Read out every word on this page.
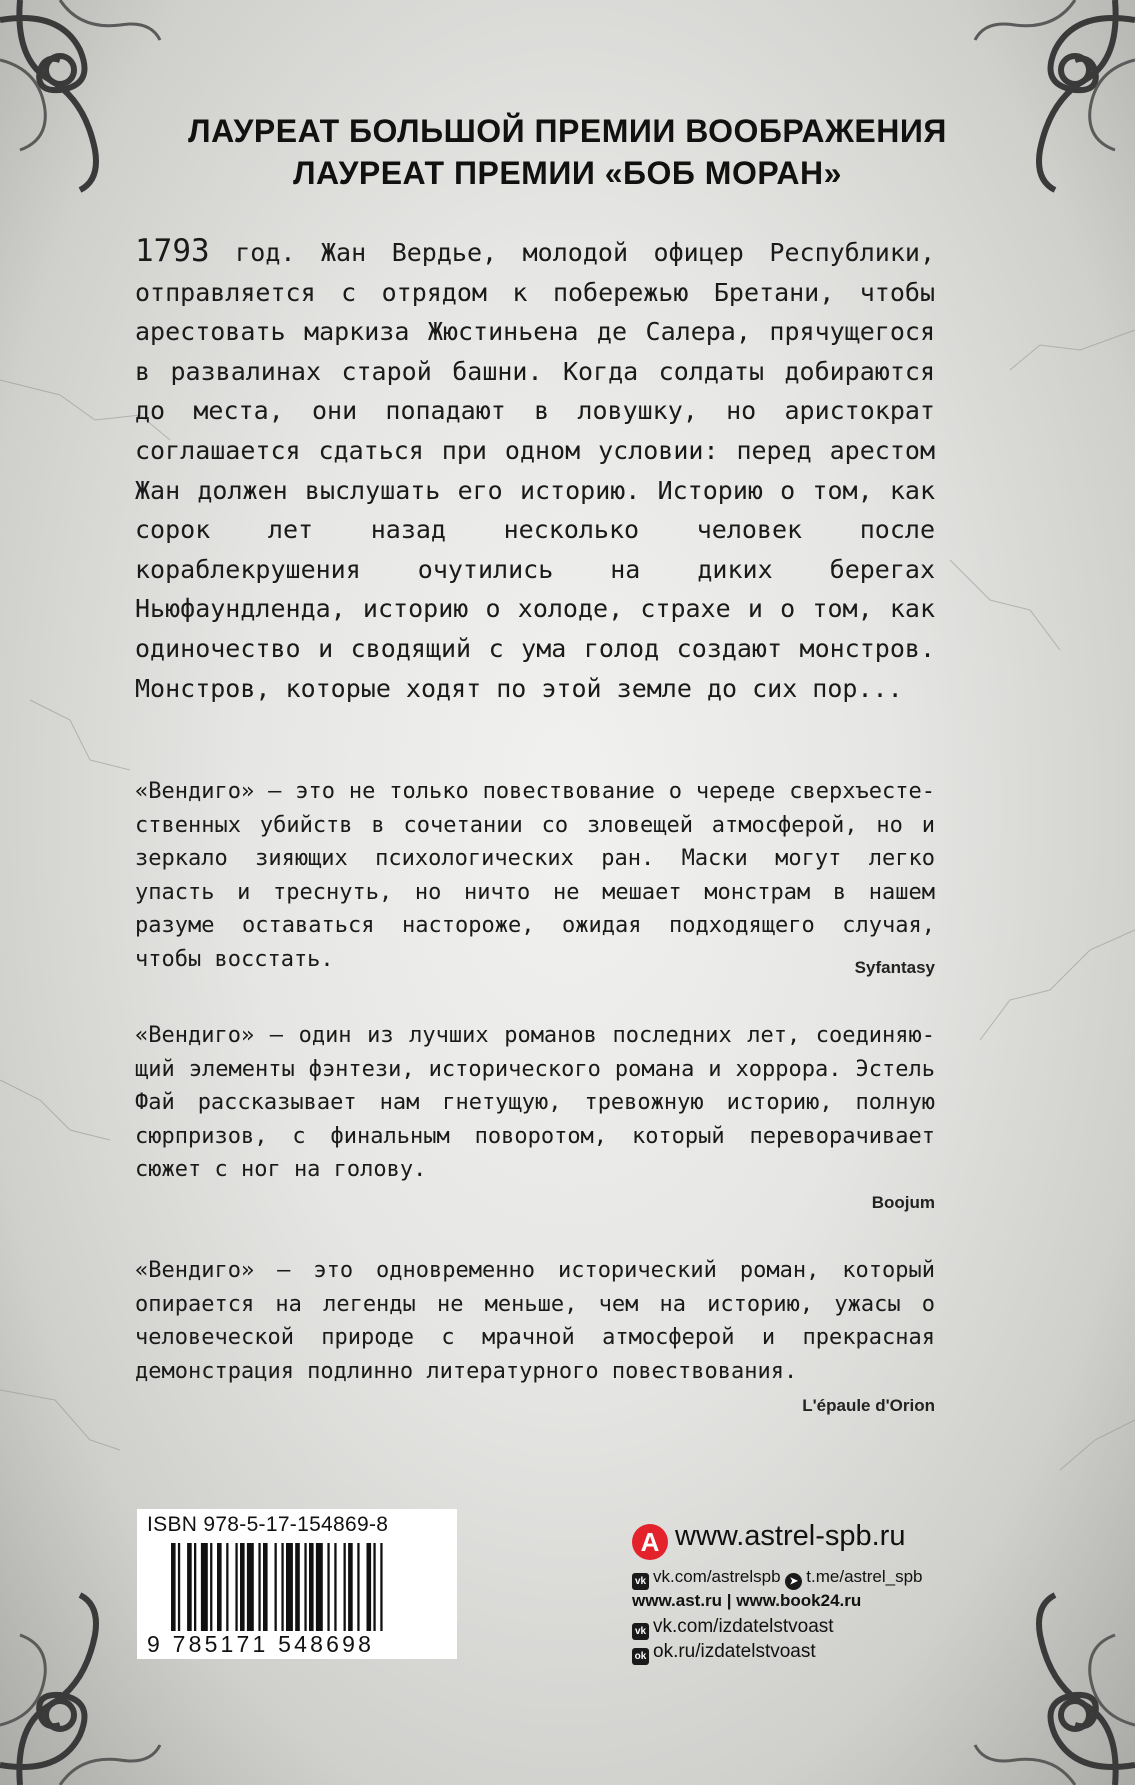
ЛАУРЕАТ БОЛЬШОЙ ПРЕМИИ ВООБРАЖЕНИЯ
ЛАУРЕАТ ПРЕМИИ «БОБ МОРАН»
1793 год. Жан Вердье, молодой офицер Республики, отправляется с отрядом к побережью Бретани, чтобы арестовать маркиза Жюстиньена де Салера, прячущегося в развалинах старой башни. Когда солдаты добираются до места, они попадают в ловушку, но аристократ соглашается сдаться при одном условии: перед арестом Жан должен выслушать его историю. Историю о том, как сорок лет назад несколько человек после кораблекрушения очутились на диких берегах Ньюфаундленда, историю о холоде, страхе и о том, как одиночество и сводящий с ума голод создают монстров. Монстров, которые ходят по этой земле до сих пор...
«Вендиго» — это не только повествование о череде сверхъестественных убийств в сочетании со зловещей атмосферой, но и зеркало зияющих психологических ран. Маски могут легко упасть и треснуть, но ничто не мешает монстрам в нашем разуме оставаться настороже, ожидая подходящего случая, чтобы восстать.	Syfantasy
«Вендиго» — один из лучших романов последних лет, соединяющий элементы фэнтези, исторического романа и хоррора. Эстель Фай рассказывает нам гнетущую, тревожную историю, полную сюрпризов, с финальным поворотом, который переворачивает сюжет с ног на голову.
Boojum
«Вендиго» – это одновременно исторический роман, который опирается на легенды не меньше, чем на историю, ужасы о человеческой природе с мрачной атмосферой и прекрасная демонстрация подлинно литературного повествования.
L'épaule d'Orion
ISBN 978-5-17-154869-8
9 785171 548698
A www.astrel-spb.ru
vk vk.com/astrelspb ➤ t.me/astrel_spb
www.ast.ru | www.book24.ru
vk vk.com/izdatelstvoast
ok ok.ru/izdatelstvoast
